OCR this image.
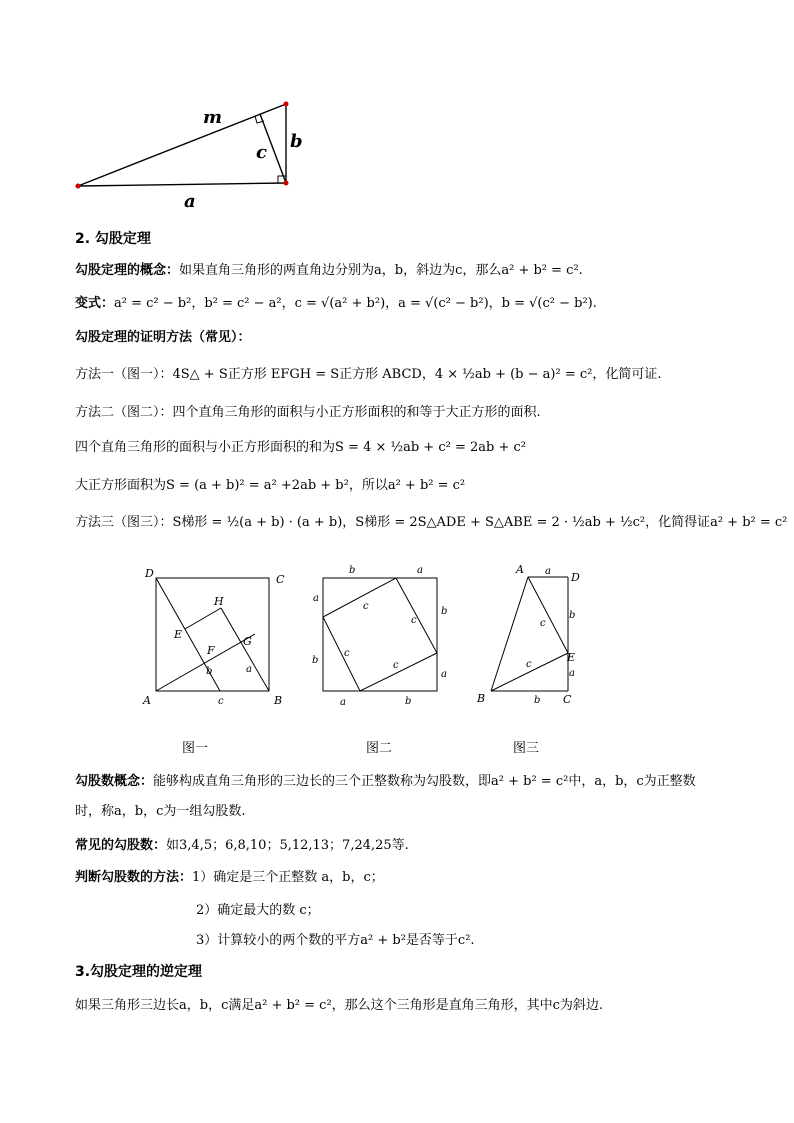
m
b
c
a
2. 勾股定理
勾股定理的概念：如果直角三角形的两直角边分别为a，b，斜边为c，那么a² + b² = c².
变式：a² = c² − b²，b² = c² − a²，c = √(a² + b²)，a = √(c² − b²)，b = √(c² − b²).
勾股定理的证明方法（常见）：
方法一（图一）：4S△ + S正方形 EFGH = S正方形 ABCD，4 × ½ab + (b − a)² = c²，化简可证.
方法二（图二）：四个直角三角形的面积与小正方形面积的和等于大正方形的面积.
四个直角三角形的面积与小正方形面积的和为S = 4 × ½ab + c² = 2ab + c²
大正方形面积为S = (a + b)² = a² +2ab + b²，所以a² + b² = c²
方法三（图三）：S梯形 = ½(a + b) · (a + b)，S梯形 = 2S△ADE + S△ABE = 2 · ½ab + ½c²，化简得证a² + b² = c²
D	C
A	B
H
E
G
F
b	a
c
b	a
a
b
b
a
a	b
c
c
c
c
A
D
B	C
E
a
b
a
b
c
c
图一	图二	图三
勾股数概念：能够构成直角三角形的三边长的三个正整数称为勾股数，即a² + b² = c²中，a，b，c为正整数
时，称a，b，c为一组勾股数.
常见的勾股数：如3,4,5；6,8,10；5,12,13；7,24,25等.
判断勾股数的方法：1）确定是三个正整数 a，b，c；
2）确定最大的数 c；
3）计算较小的两个数的平方a² + b²是否等于c².
3.勾股定理的逆定理
如果三角形三边长a，b，c满足a² + b² = c²，那么这个三角形是直角三角形，其中c为斜边.
